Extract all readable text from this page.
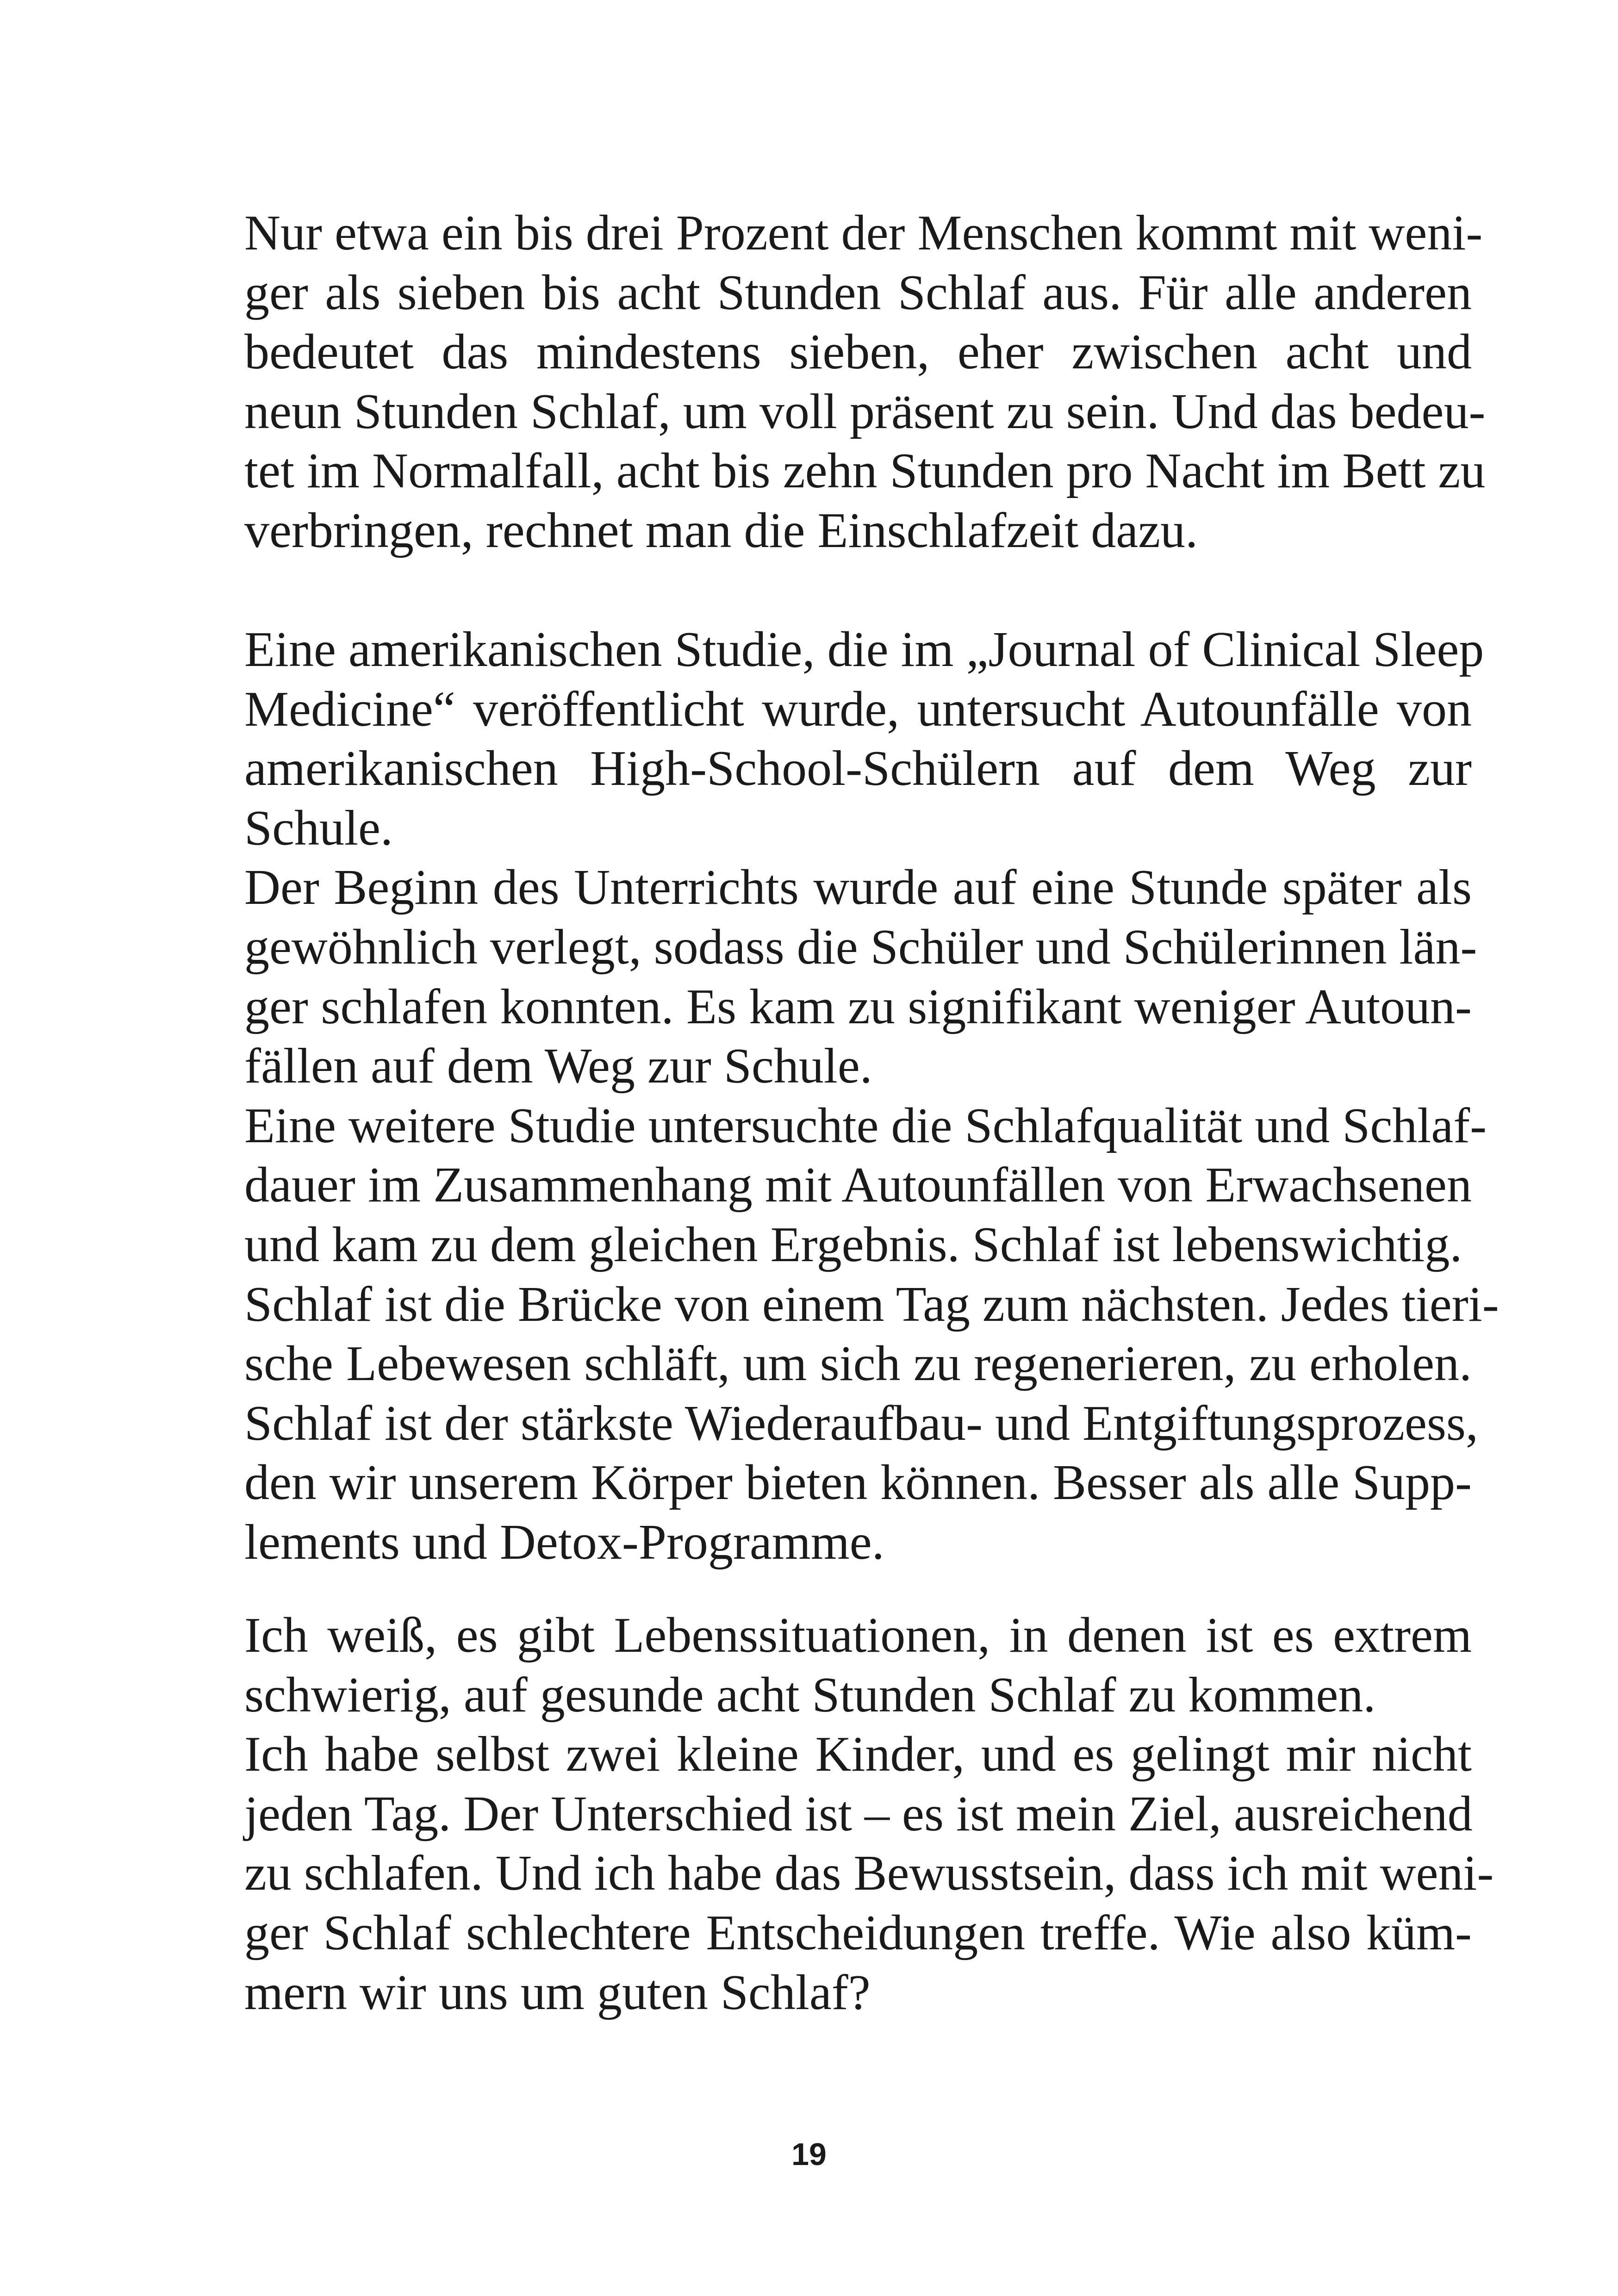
Nur etwa ein bis drei Prozent der Menschen kommt mit weni-
ger als sieben bis acht Stunden Schlaf aus. Für alle anderen
bedeutet das mindestens sieben, eher zwischen acht und
neun Stunden Schlaf, um voll präsent zu sein. Und das bedeu-
tet im Normalfall, acht bis zehn Stunden pro Nacht im Bett zu
verbringen, rechnet man die Einschlafzeit dazu.
Eine amerikanischen Studie, die im „Journal of Clinical Sleep
Medicine“ veröffentlicht wurde, untersucht Autounfälle von
amerikanischen High-School-Schülern auf dem Weg zur
Schule.
Der Beginn des Unterrichts wurde auf eine Stunde später als
gewöhnlich verlegt, sodass die Schüler und Schülerinnen län-
ger schlafen konnten. Es kam zu signifikant weniger Autoun-
fällen auf dem Weg zur Schule.
Eine weitere Studie untersuchte die Schlafqualität und Schlaf-
dauer im Zusammenhang mit Autounfällen von Erwachsenen
und kam zu dem gleichen Ergebnis. Schlaf ist lebenswichtig.
Schlaf ist die Brücke von einem Tag zum nächsten. Jedes tieri-
sche Lebewesen schläft, um sich zu regenerieren, zu erholen.
Schlaf ist der stärkste Wiederaufbau- und Entgiftungsprozess,
den wir unserem Körper bieten können. Besser als alle Supp-
lements und Detox-Programme.
Ich weiß, es gibt Lebenssituationen, in denen ist es extrem
schwierig, auf gesunde acht Stunden Schlaf zu kommen.
Ich habe selbst zwei kleine Kinder, und es gelingt mir nicht
jeden Tag. Der Unterschied ist – es ist mein Ziel, ausreichend
zu schlafen. Und ich habe das Bewusstsein, dass ich mit weni-
ger Schlaf schlechtere Entscheidungen treffe. Wie also küm-
mern wir uns um guten Schlaf?
19
